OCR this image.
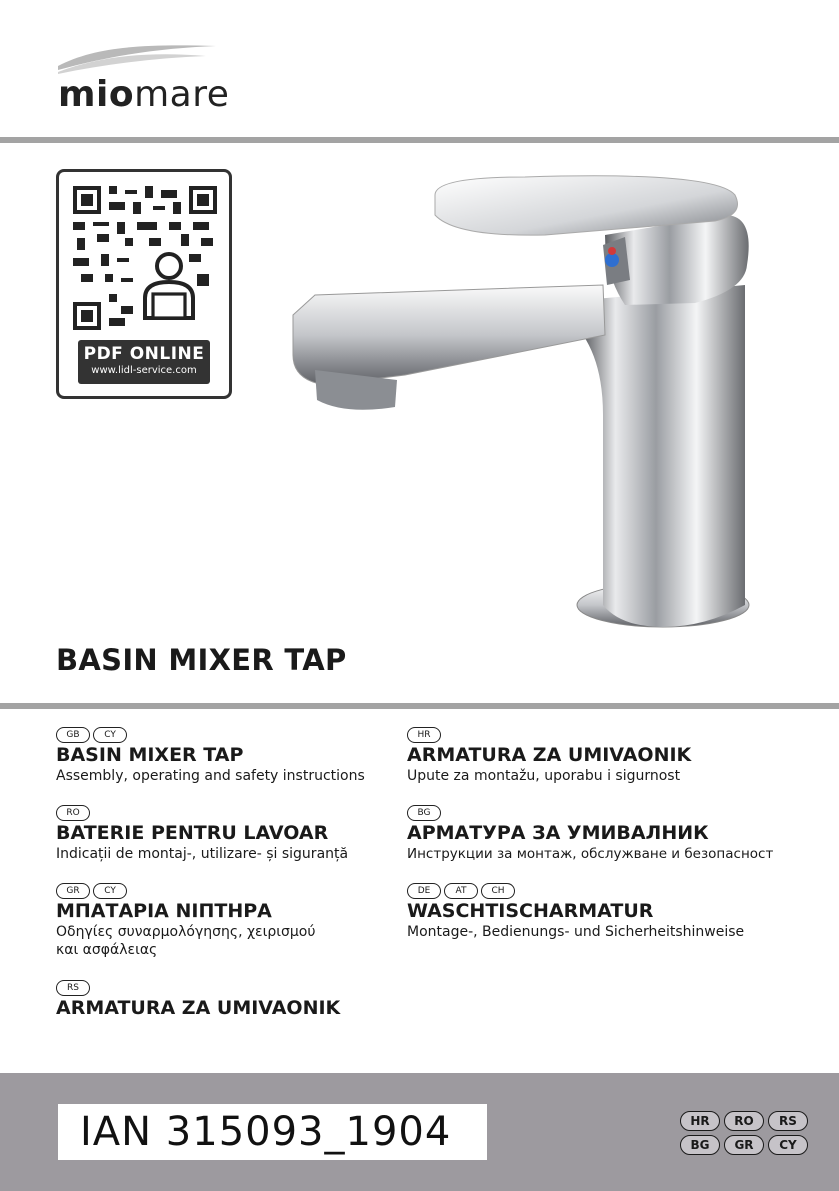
miomare
PDF ONLINE
www.lidl-service.com
BASIN MIXER TAP
GB	CY
BASIN MIXER TAP

Assembly, operating and safety instructions

RO
BATERIE PENTRU LAVOAR

Indicații de montaj-, utilizare- și siguranță

GR	CY
ΜΠΑΤΑΡΙΑ ΝΙΠΤΗΡΑ

Οδηγίες συναρμολόγησης, χειρισμού

και ασφάλειας

RS
ARMATURA ZA UMIVAONIK
HR
ARMATURA ZA UMIVAONIK

Upute za montažu, uporabu i sigurnost

BG
АРМАТУРА ЗА УМИВАЛНИК

Инструкции за монтаж, обслужване и безопасност

DE	AT	CH
WASCHTISCHARMATUR

Montage-, Bedienungs- und Sicherheitshinweise

IAN 315093_1904	HR	RO	RS
BG	GR	CY
